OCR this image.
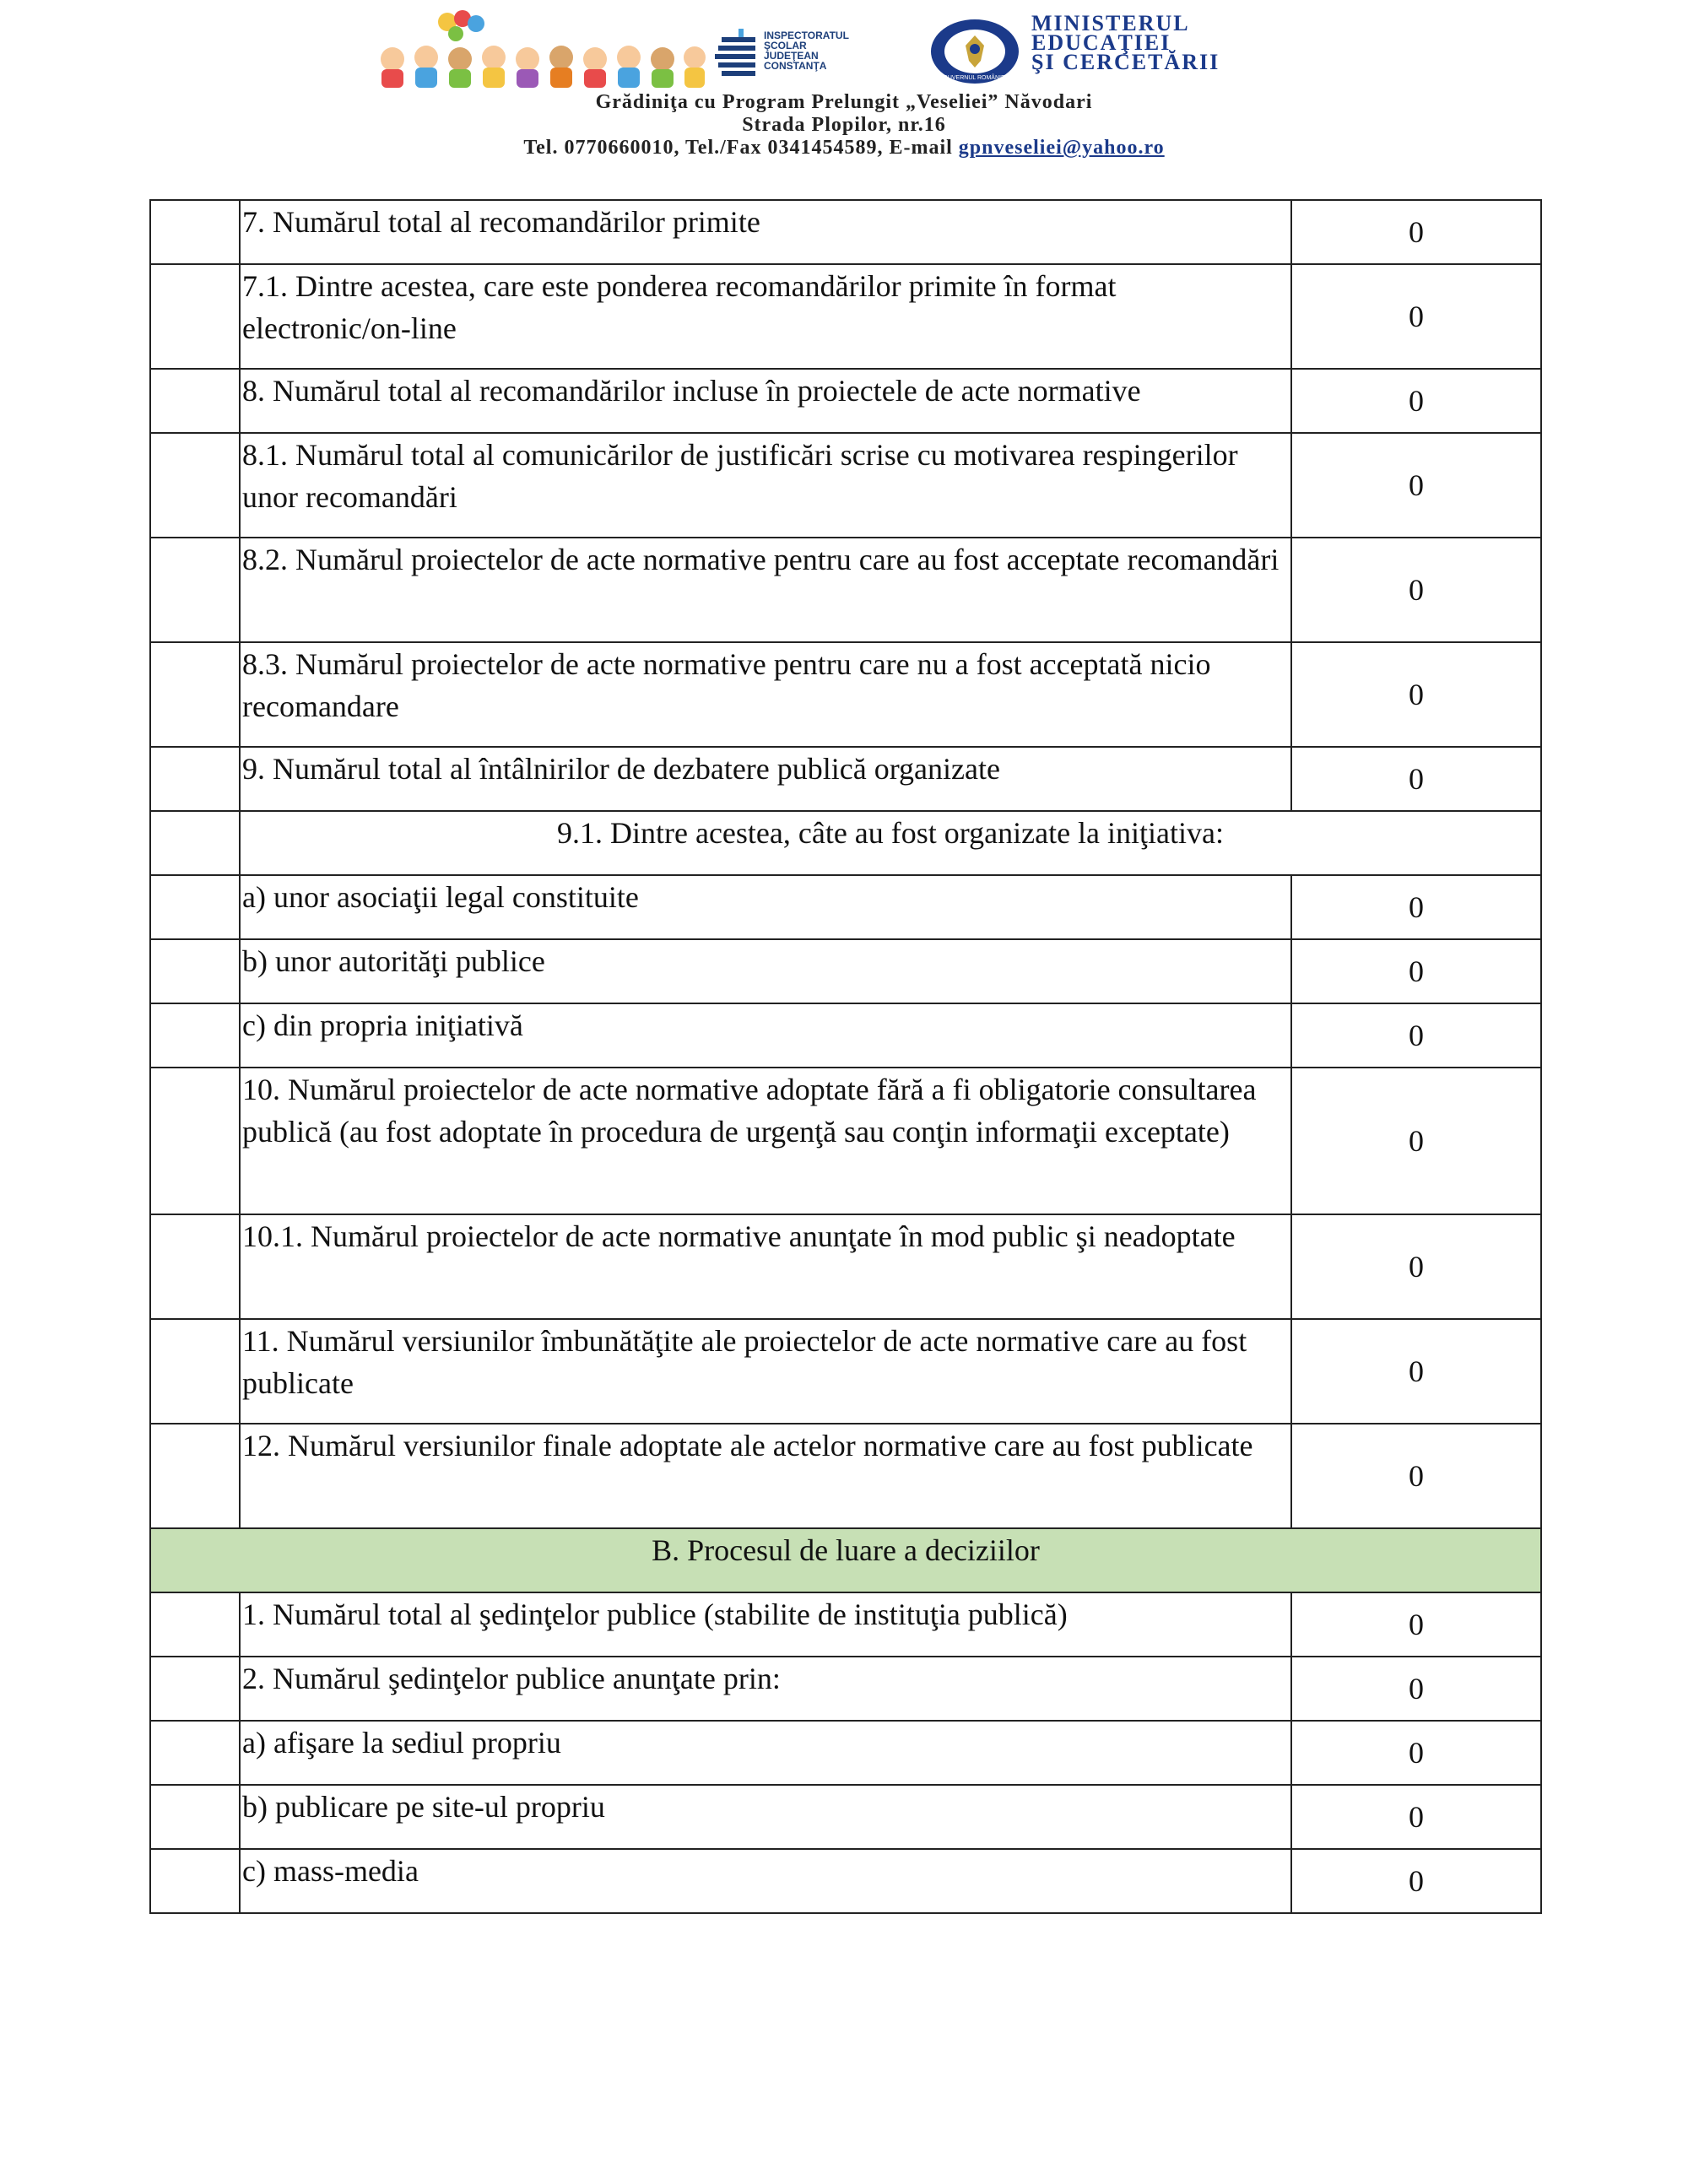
INSPECTORATUL
ŞCOLAR
JUDEŢEAN
CONSTANŢA
GUVERNUL ROMÂNIEI
MINISTERUL
EDUCAŢIEI
ŞI CERCETĂRII
Grădiniţa cu Program Prelungit „Veseliei” Năvodari
Strada Plopilor, nr.16
Tel. 0770660010, Tel./Fax 0341454589, E-mail gpnveseliei@yahoo.ro
	7. Numărul total al recomandărilor primite	0
	7.1. Dintre acestea, care este ponderea recomandărilor primite în format electronic/on-line	0
	8. Numărul total al recomandărilor incluse în proiectele de acte normative	0
	8.1. Numărul total al comunicărilor de justificări scrise cu motivarea respingerilor unor recomandări	0
	8.2. Numărul proiectelor de acte normative pentru care au fost acceptate recomandări	0
	8.3. Numărul proiectelor de acte normative pentru care nu a fost acceptată nicio recomandare	0
	9. Numărul total al întâlnirilor de dezbatere publică organizate	0
	9.1. Dintre acestea, câte au fost organizate la iniţiativa:	
	a) unor asociaţii legal constituite	0
	b) unor autorităţi publice	0
	c) din propria iniţiativă	0
	10. Numărul proiectelor de acte normative adoptate fără a fi obligatorie consultarea publică (au fost adoptate în procedura de urgenţă sau conţin informaţii exceptate)	0
	10.1. Numărul proiectelor de acte normative anunţate în mod public şi neadoptate	0
	11. Numărul versiunilor îmbunătăţite ale proiectelor de acte normative care au fost publicate	0
	12. Numărul versiunilor finale adoptate ale actelor normative care au fost publicate	0
B. Procesul de luare a deciziilor		
	1. Numărul total al şedinţelor publice (stabilite de instituţia publică)	0
	2. Numărul şedinţelor publice anunţate prin:	0
	a) afişare la sediul propriu	0
	b) publicare pe site-ul propriu	0
	c) mass-media	0
